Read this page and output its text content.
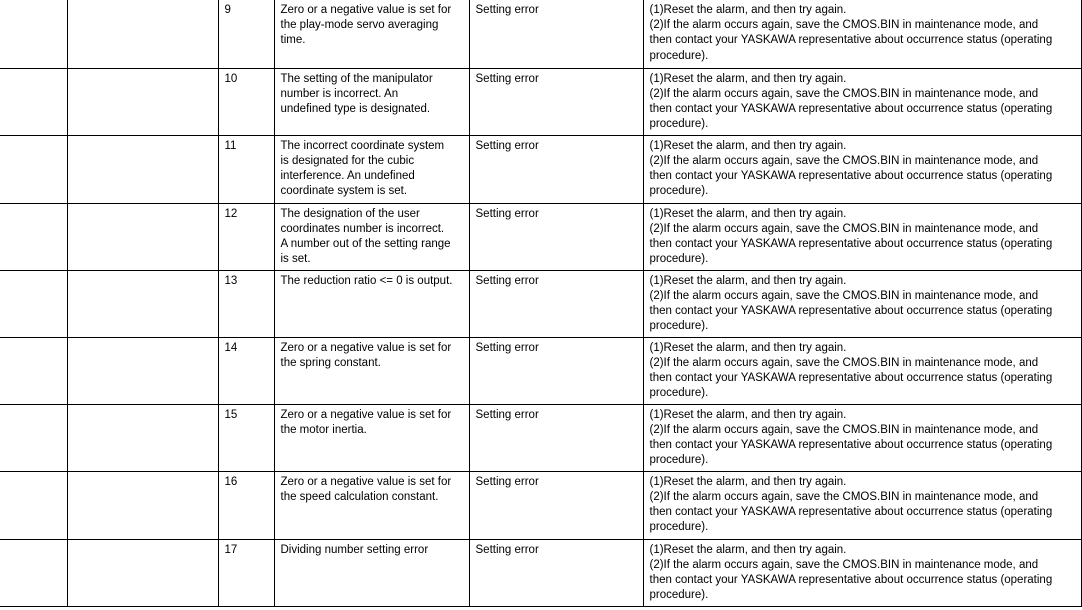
		9	Zero or a negative value is set for
the play-mode servo averaging
time.	Setting error	(1)Reset the alarm, and then try again.
(2)If the alarm occurs again, save the CMOS.BIN in maintenance mode, and
then contact your YASKAWA representative about occurrence status (operating
procedure).
		10	The setting of the manipulator
number is incorrect. An
undefined type is designated.	Setting error	(1)Reset the alarm, and then try again.
(2)If the alarm occurs again, save the CMOS.BIN in maintenance mode, and
then contact your YASKAWA representative about occurrence status (operating
procedure).
		11	The incorrect coordinate system
is designated for the cubic
interference. An undefined
coordinate system is set.	Setting error	(1)Reset the alarm, and then try again.
(2)If the alarm occurs again, save the CMOS.BIN in maintenance mode, and
then contact your YASKAWA representative about occurrence status (operating
procedure).
		12	The designation of the user
coordinates number is incorrect.
A number out of the setting range
is set.	Setting error	(1)Reset the alarm, and then try again.
(2)If the alarm occurs again, save the CMOS.BIN in maintenance mode, and
then contact your YASKAWA representative about occurrence status (operating
procedure).
		13	The reduction ratio <= 0 is output.	Setting error	(1)Reset the alarm, and then try again.
(2)If the alarm occurs again, save the CMOS.BIN in maintenance mode, and
then contact your YASKAWA representative about occurrence status (operating
procedure).
		14	Zero or a negative value is set for
the spring constant.	Setting error	(1)Reset the alarm, and then try again.
(2)If the alarm occurs again, save the CMOS.BIN in maintenance mode, and
then contact your YASKAWA representative about occurrence status (operating
procedure).
		15	Zero or a negative value is set for
the motor inertia.	Setting error	(1)Reset the alarm, and then try again.
(2)If the alarm occurs again, save the CMOS.BIN in maintenance mode, and
then contact your YASKAWA representative about occurrence status (operating
procedure).
		16	Zero or a negative value is set for
the speed calculation constant.	Setting error	(1)Reset the alarm, and then try again.
(2)If the alarm occurs again, save the CMOS.BIN in maintenance mode, and
then contact your YASKAWA representative about occurrence status (operating
procedure).
		17	Dividing number setting error	Setting error	(1)Reset the alarm, and then try again.
(2)If the alarm occurs again, save the CMOS.BIN in maintenance mode, and
then contact your YASKAWA representative about occurrence status (operating
procedure).
